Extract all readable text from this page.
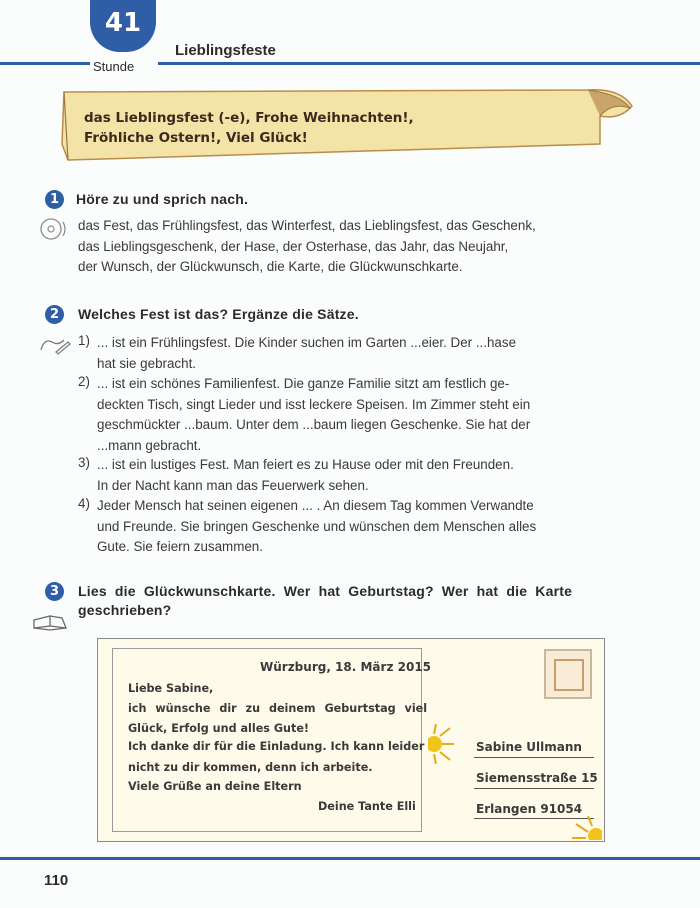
41
Stunde
Lieblingsfeste
das Lieblingsfest (-e), Frohe Weihnachten!,
Fröhliche Ostern!, Viel Glück!
1	Höre zu und sprich nach.
das Fest, das Frühlingsfest, das Winterfest, das Lieblingsfest, das Geschenk,
das Lieblingsgeschenk, der Hase, der Osterhase, das Jahr, das Neujahr,
der Wunsch, der Glückwunsch, die Karte, die Glückwunschkarte.
2	Welches Fest ist das? Ergänze die Sätze.
1) ... ist ein Frühlingsfest. Die Kinder suchen im Garten ...eier. Der ...hase
hat sie gebracht.
2) ... ist ein schönes Familienfest. Die ganze Familie sitzt am festlich ge-
deckten Tisch, singt Lieder und isst leckere Speisen. Im Zimmer steht ein
geschmückter ...baum. Unter dem ...baum liegen Geschenke. Sie hat der
...mann gebracht.
3) ... ist ein lustiges Fest. Man feiert es zu Hause oder mit den Freunden.
In der Nacht kann man das Feuerwerk sehen.
4) Jeder Mensch hat seinen eigenen ... . An diesem Tag kommen Verwandte
und Freunde. Sie bringen Geschenke und wünschen dem Menschen alles
Gute. Sie feiern zusammen.
3	Lies die Glückwunschkarte. Wer hat Geburtstag? Wer hat die Karte
geschrieben?
Würzburg, 18. März 2015
Liebe Sabine,
ich wünsche dir zu deinem Geburtstag viel
Glück, Erfolg und alles Gute!
Ich danke dir für die Einladung. Ich kann leider
nicht zu dir kommen, denn ich arbeite.
Viele Grüße an deine Eltern
Deine Tante Elli
Sabine Ullmann
Siemensstraße 15
Erlangen 91054
110
